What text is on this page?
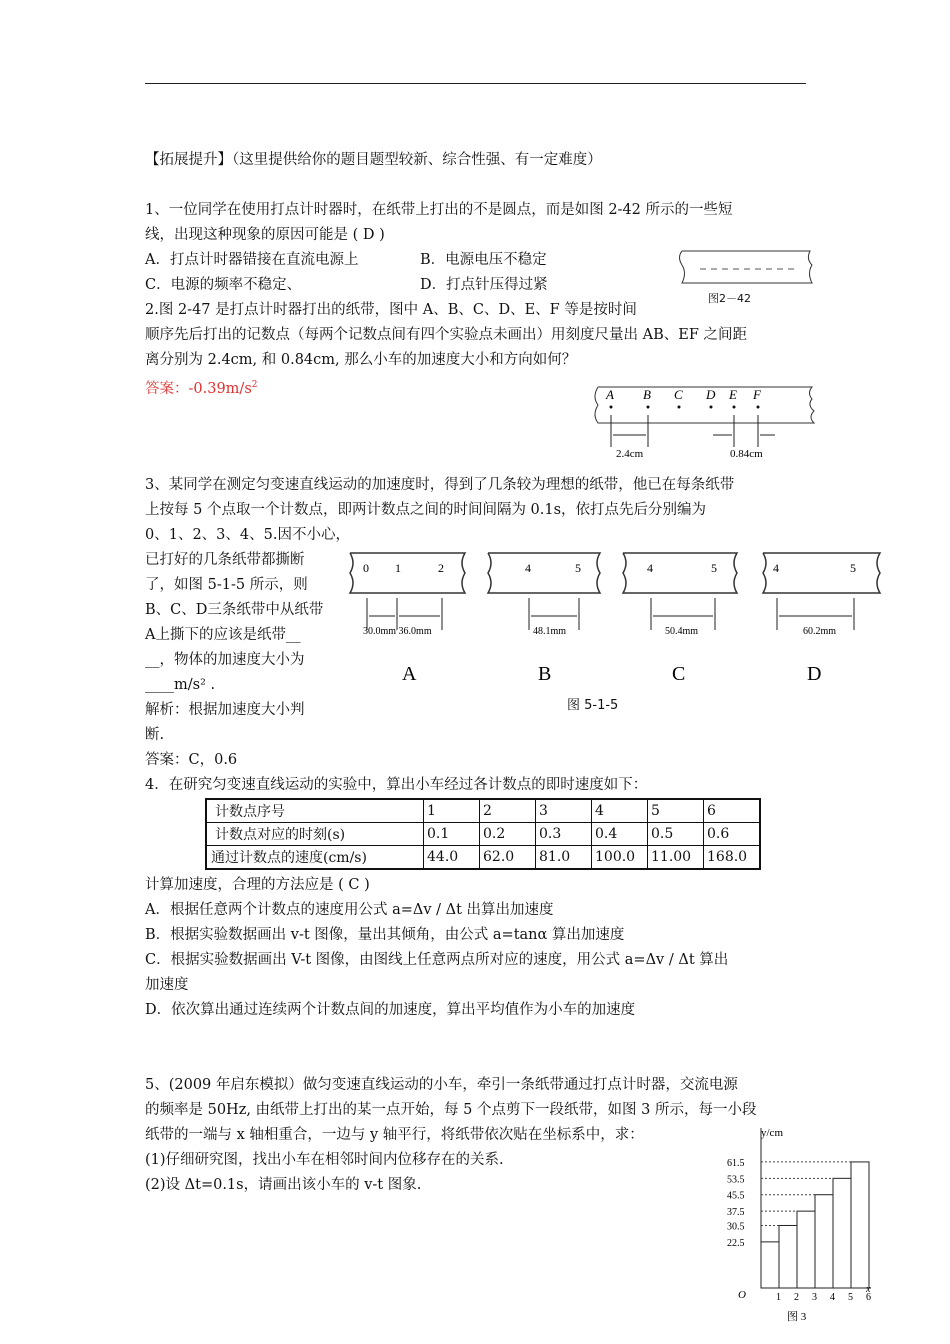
【拓展提升】（这里提供给你的题目题型较新、综合性强、有一定难度）
1、一位同学在使用打点计时器时，在纸带上打出的不是圆点，而是如图 2-42 所示的一些短
线，出现这种现象的原因可能是 ( D )
A．打点计时器错接在直流电源上	B．电源电压不稳定
C．电源的频率不稳定、	D．打点针压得过紧
图2－42
2.图 2-47 是打点计时器打出的纸带，图中 A、B、C、D、E、F 等是按时间
顺序先后打出的记数点（每两个记数点间有四个实验点未画出）用刻度尺量出 AB、EF 之间距
离分别为 2.4cm, 和 0.84cm, 那么小车的加速度大小和方向如何？
答案：$-0.39m/s^2$
A B C D E F
2.4cm	0.84cm
3、某同学在测定匀变速直线运动的加速度时，得到了几条较为理想的纸带，他已在每条纸带
上按每 5 个点取一个计数点，即两计数点之间的时间间隔为 0.1s，依打点先后分别编为
0、1、2、3、4、5.因不小心，
已打好的几条纸带都撕断
了，如图 5-1-5 所示，则
B、C、D三条纸带中从纸带
A上撕下的应该是纸带__
__，物体的加速度大小为
____m/s² .
解析：根据加速度大小判
断.
答案：C，0.6
0 1	2	4	5	4	5	4	5
30.0mm 36.0mm	48.1mm	50.4mm	60.2mm
A	B	C	D
图 5-1-5
4．在研究匀变速直线运动的实验中，算出小车经过各计数点的即时速度如下：
计数点序号	1	2	3	4	5	6
计数点对应的时刻(s)	0.1	0.2	0.3	0.4	0.5	0.6
通过计数点的速度(cm/s)	44.0	62.0	81.0	100.0	11.00	168.0
计算加速度，合理的方法应是 ( C )
A．根据任意两个计数点的速度用公式 a=Δv / Δt 出算出加速度
B．根据实验数据画出 v-t 图像，量出其倾角，由公式 a=tanα 算出加速度
C．根据实验数据画出 V-t 图像，由图线上任意两点所对应的速度，用公式 a=Δv / Δt 算出
加速度
D．依次算出通过连续两个计数点间的加速度，算出平均值作为小车的加速度
5、(2009 年启东模拟）做匀变速直线运动的小车，牵引一条纸带通过打点计时器，交流电源
的频率是 50Hz, 由纸带上打出的某一点开始，每 5 个点剪下一段纸带，如图 3 所示，每一小段
纸带的一端与 x 轴相重合，一边与 y 轴平行，将纸带依次贴在坐标系中，求：
(1)仔细研究图，找出小车在相邻时间内位移存在的关系.
(2)设 Δt=0.1s，请画出该小车的 v-t 图象.
y/cm
x
O
图 3
22.5
30.5
37.5
45.5
53.5
61.5
1 2 3 4 5 6
